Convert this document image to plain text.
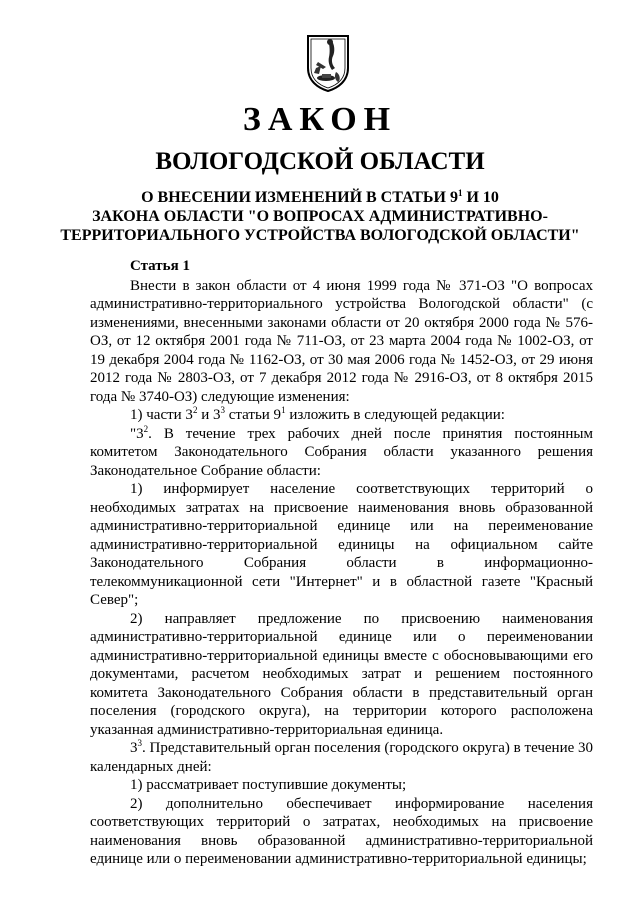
ЗАКОН
ВОЛОГОДСКОЙ ОБЛАСТИ
О ВНЕСЕНИИ ИЗМЕНЕНИЙ В СТАТЬИ $9^1$ И 10
ЗАКОНА ОБЛАСТИ "О ВОПРОСАХ АДМИНИСТРАТИВНО-
ТЕРРИТОРИАЛЬНОГО УСТРОЙСТВА ВОЛОГОДСКОЙ ОБЛАСТИ"

Статья 1

Внести в закон области от 4 июня 1999 года № 371-ОЗ "О вопросах административно-территориального устройства Вологодской области" (с изменениями, внесенными законами области от 20 октября 2000 года № 576-ОЗ, от 12 октября 2001 года № 711-ОЗ, от 23 марта 2004 года № 1002-ОЗ, от 19 декабря 2004 года № 1162-ОЗ, от 30 мая 2006 года № 1452-ОЗ, от 29 июня 2012 года № 2803-ОЗ, от 7 декабря 2012 года № 2916-ОЗ, от 8 октября 2015 года № 3740-ОЗ) следующие изменения:

1) части $3^2$ и $3^3$ статьи $9^1$ изложить в следующей редакции:

"$3^2$. В течение трех рабочих дней после принятия постоянным комитетом Законодательного Собрания области указанного решения Законодательное Собрание области:

1) информирует население соответствующих территорий о необходимых затратах на присвоение наименования вновь образованной административно-территориальной единице или на переименование административно-территориальной единицы на официальном сайте Законодательного Собрания области в информационно-телекоммуникационной сети "Интернет" и в областной газете "Красный Север";

2) направляет предложение по присвоению наименования административно-территориальной единице или о переименовании административно-территориальной единицы вместе с обосновывающими его документами, расчетом необходимых затрат и решением постоянного комитета Законодательного Собрания области в представительный орган поселения (городского округа), на территории которого расположена указанная административно-территориальная единица.

$3^3$. Представительный орган поселения (городского округа) в течение 30 календарных дней:

1) рассматривает поступившие документы;

2) дополнительно обеспечивает информирование населения соответствующих территорий о затратах, необходимых на присвоение наименования вновь образованной административно-территориальной единице или о переименовании административно-территориальной единицы;
